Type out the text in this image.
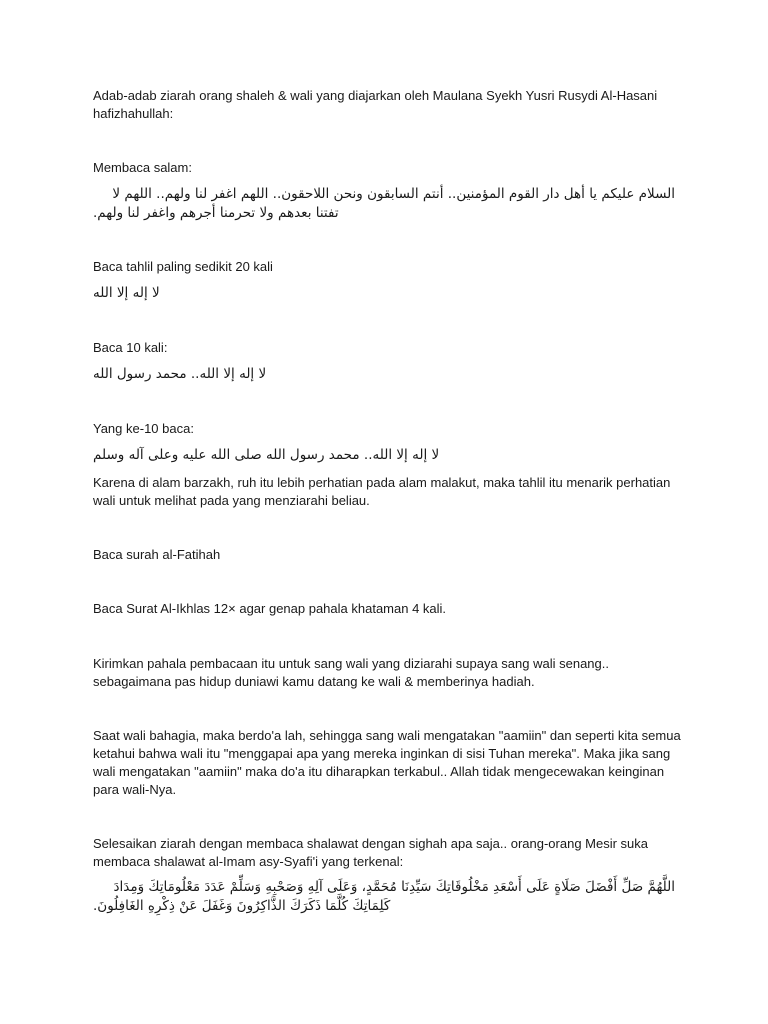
Adab-adab ziarah orang shaleh & wali yang diajarkan oleh Maulana Syekh Yusri Rusydi Al-Hasani hafizhahullah:

Membaca salam:

السلام عليكم يا أهل دار القوم المؤمنين.. أنتم السابقون ونحن اللاحقون.. اللهم اغفر لنا ولهم.. اللهم لا
تفتنا بعدهم ولا تحرمنا أجرهم واغفر لنا ولهم.

Baca tahlil paling sedikit 20 kali

لا إله إلا الله

Baca 10 kali:

لا إله إلا الله.. محمد رسول الله

Yang ke-10 baca:

لا إله إلا الله.. محمد رسول الله صلى الله عليه وعلى آله وسلم

Karena di alam barzakh, ruh itu lebih perhatian pada alam malakut, maka tahlil itu menarik perhatian wali untuk melihat pada yang menziarahi beliau.

Baca surah al-Fatihah

Baca Surat Al-Ikhlas 12× agar genap pahala khataman 4 kali.

Kirimkan pahala pembacaan itu untuk sang wali yang diziarahi supaya sang wali senang.. sebagaimana pas hidup duniawi kamu datang ke wali & memberinya hadiah.

Saat wali bahagia, maka berdo'a lah, sehingga sang wali mengatakan "aamiin" dan seperti kita semua ketahui bahwa wali itu "menggapai apa yang mereka inginkan di sisi Tuhan mereka". Maka jika sang wali mengatakan "aamiin" maka do'a itu diharapkan terkabul.. Allah tidak mengecewakan keinginan para wali-Nya.

Selesaikan ziarah dengan membaca shalawat dengan sighah apa saja.. orang-orang Mesir suka membaca shalawat al-Imam asy-Syafi'i yang terkenal:

اللَّهُمَّ صَلِّ أَفْضَلَ صَلَاةٍ عَلَى أَسْعَدِ مَخْلُوقَاتِكَ سَيِّدِنَا مُحَمَّدٍ، وَعَلَى آلِهِ وَصَحْبِهِ وَسَلِّمْ عَدَدَ مَعْلُومَاتِكَ وَمِدَادَ
كَلِمَاتِكَ كُلَّمَا ذَكَرَكَ الذَّاكِرُونَ وَغَفَلَ عَنْ ذِكْرِهِ الغَافِلُونَ.
